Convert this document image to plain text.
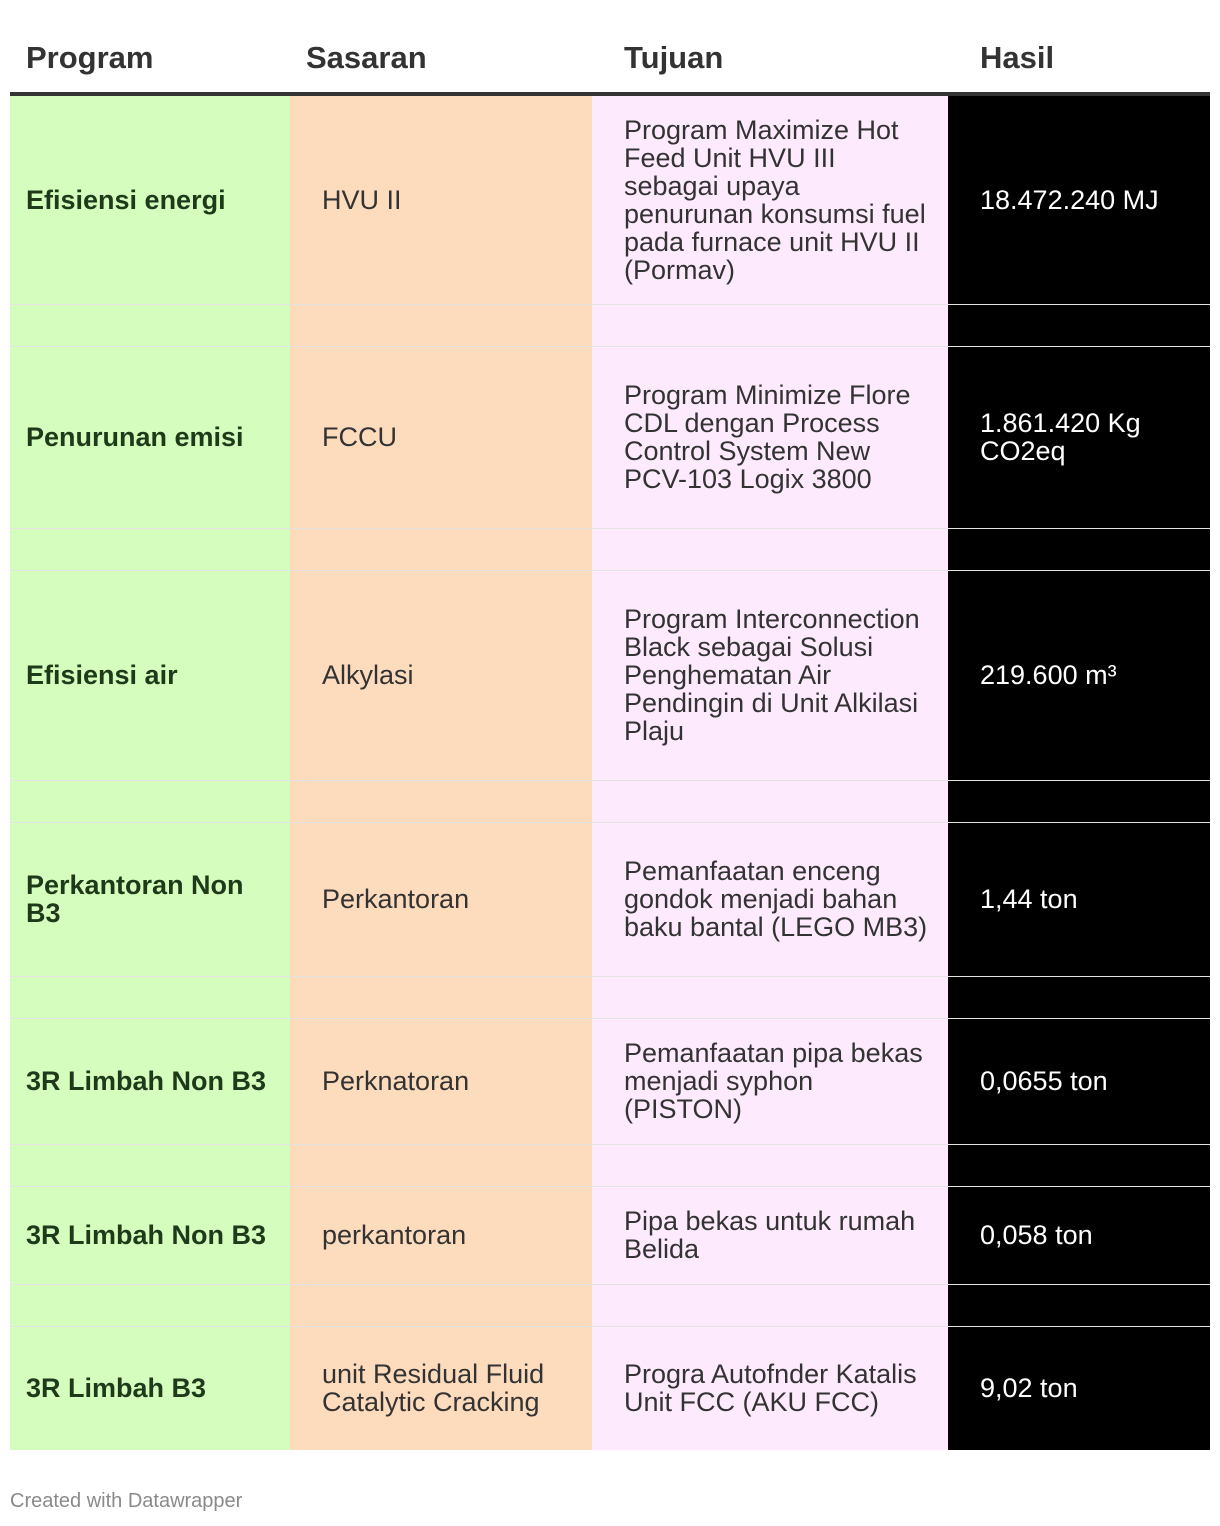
Program	Sasaran	Tujuan	Hasil
Efisiensi energi	HVU II	Program Maximize Hot Feed Unit HVU III sebagai upaya penurunan konsumsi fuel pada furnace unit HVU II (Pormav)	18.472.240 MJ

Penurunan emisi	FCCU	Program Minimize Flore CDL dengan Process Control System New PCV-103 Logix 3800	1.861.420 Kg CO2eq

Efisiensi air	Alkylasi	Program Interconnection Black sebagai Solusi Penghematan Air Pendingin di Unit Alkilasi Plaju	219.600 m³

Perkantoran Non B3	Perkantoran	Pemanfaatan enceng gondok menjadi bahan baku bantal (LEGO MB3)	1,44 ton

3R Limbah Non B3	Perknatoran	Pemanfaatan pipa bekas menjadi syphon (PISTON)	0,0655 ton

3R Limbah Non B3	perkantoran	Pipa bekas untuk rumah Belida	0,058 ton

3R Limbah B3	unit Residual Fluid Catalytic Cracking	Progra Autofnder Katalis Unit FCC (AKU FCC)	9,02 ton
Created with Datawrapper
